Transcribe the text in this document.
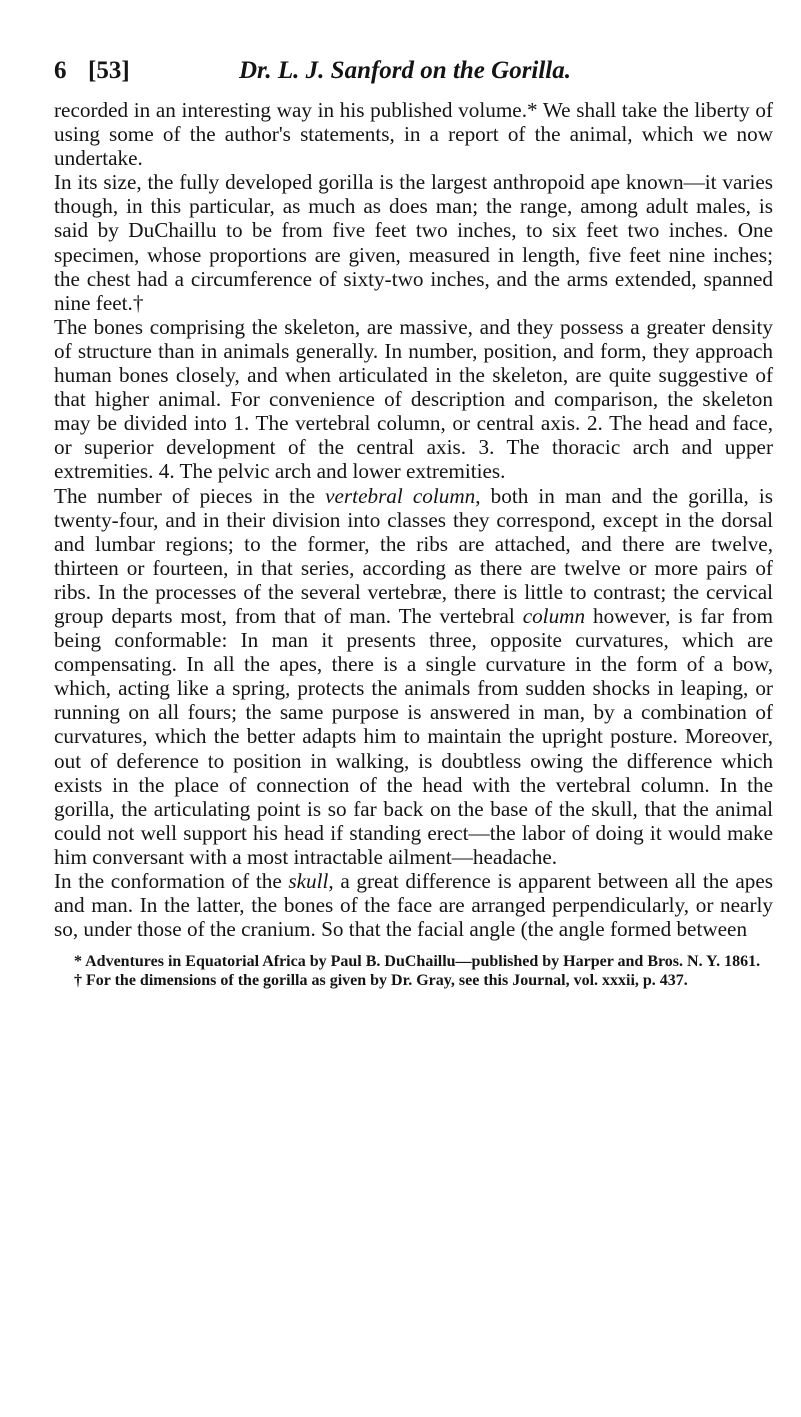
6 [53]	Dr. L. J. Sanford on the Gorilla.

recorded in an interesting way in his published volume.* We shall take the liberty of using some of the author's statements, in a report of the animal, which we now undertake.

In its size, the fully developed gorilla is the largest anthropoid ape known—it varies though, in this particular, as much as does man; the range, among adult males, is said by DuChaillu to be from five feet two inches, to six feet two inches. One specimen, whose proportions are given, measured in length, five feet nine inches; the chest had a circumference of sixty-two inches, and the arms extended, spanned nine feet.†

The bones comprising the skeleton, are massive, and they possess a greater density of structure than in animals generally. In number, position, and form, they approach human bones closely, and when articulated in the skeleton, are quite suggestive of that higher animal. For convenience of description and comparison, the skeleton may be divided into 1. The vertebral column, or central axis. 2. The head and face, or superior development of the central axis. 3. The thoracic arch and upper extremities. 4. The pelvic arch and lower extremities.

The number of pieces in the vertebral column, both in man and the gorilla, is twenty-four, and in their division into classes they correspond, except in the dorsal and lumbar regions; to the former, the ribs are attached, and there are twelve, thirteen or fourteen, in that series, according as there are twelve or more pairs of ribs. In the processes of the several vertebræ, there is little to contrast; the cervical group departs most, from that of man. The vertebral column however, is far from being conformable: In man it presents three, opposite curvatures, which are compensating. In all the apes, there is a single curvature in the form of a bow, which, acting like a spring, protects the animals from sudden shocks in leaping, or running on all fours; the same purpose is answered in man, by a combination of curvatures, which the better adapts him to maintain the upright posture. Moreover, out of deference to position in walking, is doubtless owing the difference which exists in the place of connection of the head with the vertebral column. In the gorilla, the articulating point is so far back on the base of the skull, that the animal could not well support his head if standing erect—the labor of doing it would make him conversant with a most intractable ailment—headache.

In the conformation of the skull, a great difference is apparent between all the apes and man. In the latter, the bones of the face are arranged perpendicularly, or nearly so, under those of the cranium. So that the facial angle (the angle formed between

* Adventures in Equatorial Africa by Paul B. DuChaillu—published by Harper and Bros. N. Y. 1861.

† For the dimensions of the gorilla as given by Dr. Gray, see this Journal, vol. xxxii, p. 437.
